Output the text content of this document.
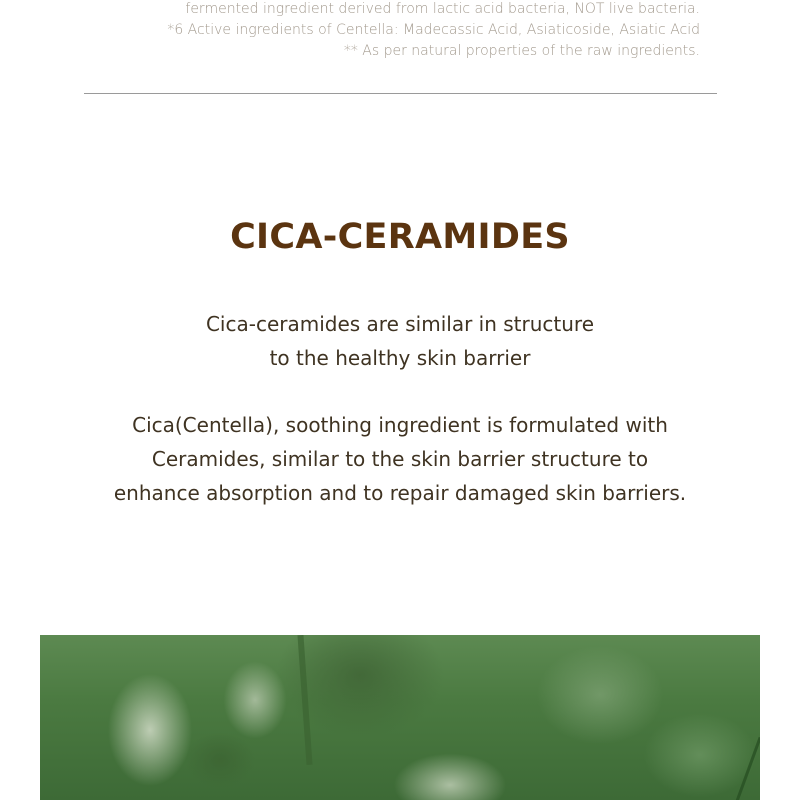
fermented ingredient derived from lactic acid bacteria, NOT live bacteria.
*6 Active ingredients of Centella: Madecassic Acid, Asiaticoside, Asiatic Acid
** As per natural properties of the raw ingredients.
CICA-CERAMIDES
Cica-ceramides are similar in structure
to the healthy skin barrier
Cica(Centella), soothing ingredient is formulated with
Ceramides, similar to the skin barrier structure to
enhance absorption and to repair damaged skin barriers.
